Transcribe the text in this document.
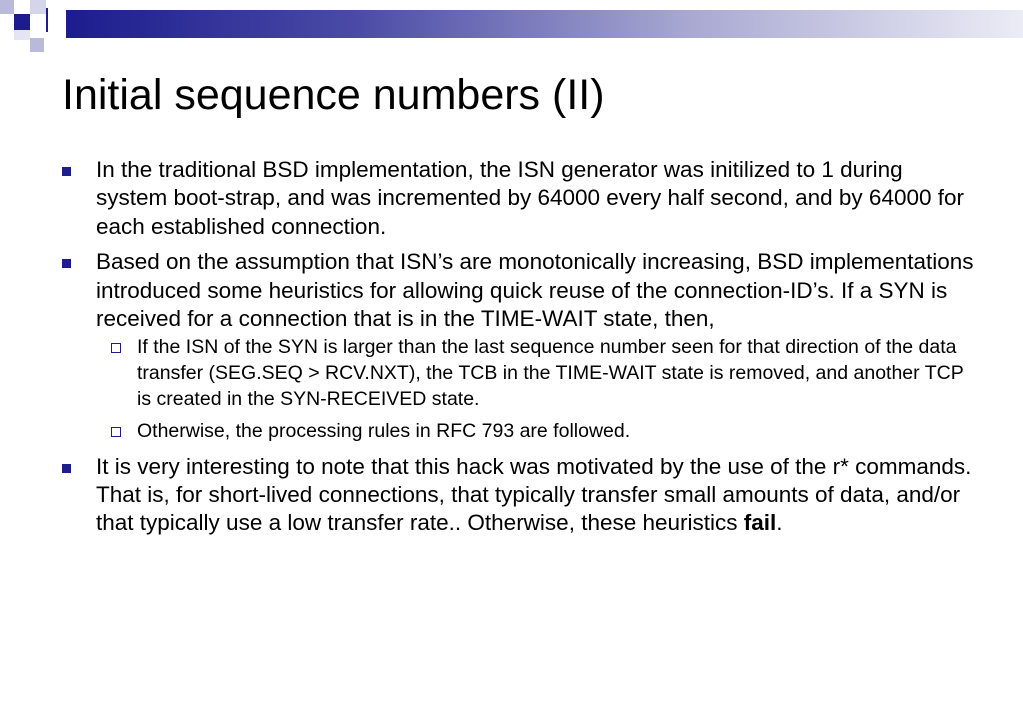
Initial sequence numbers (II)
In the traditional BSD implementation, the ISN generator was initilized to 1 during system boot-strap, and was incremented by 64000 every half second, and by 64000 for each established connection.
Based on the assumption that ISN’s are monotonically increasing, BSD implementations introduced some heuristics for allowing quick reuse of the connection-ID’s. If a SYN is received for a connection that is in the TIME-WAIT state, then,
If the ISN of the SYN is larger than the last sequence number seen for that direction of the data transfer (SEG.SEQ > RCV.NXT), the TCB in the TIME-WAIT state is removed, and another TCP is created in the SYN-RECEIVED state.
Otherwise, the processing rules in RFC 793 are followed.
It is very interesting to note that this hack was motivated by the use of the r* commands. That is, for short-lived connections, that typically transfer small amounts of data, and/or that typically use a low transfer rate.. Otherwise, these heuristics fail.
